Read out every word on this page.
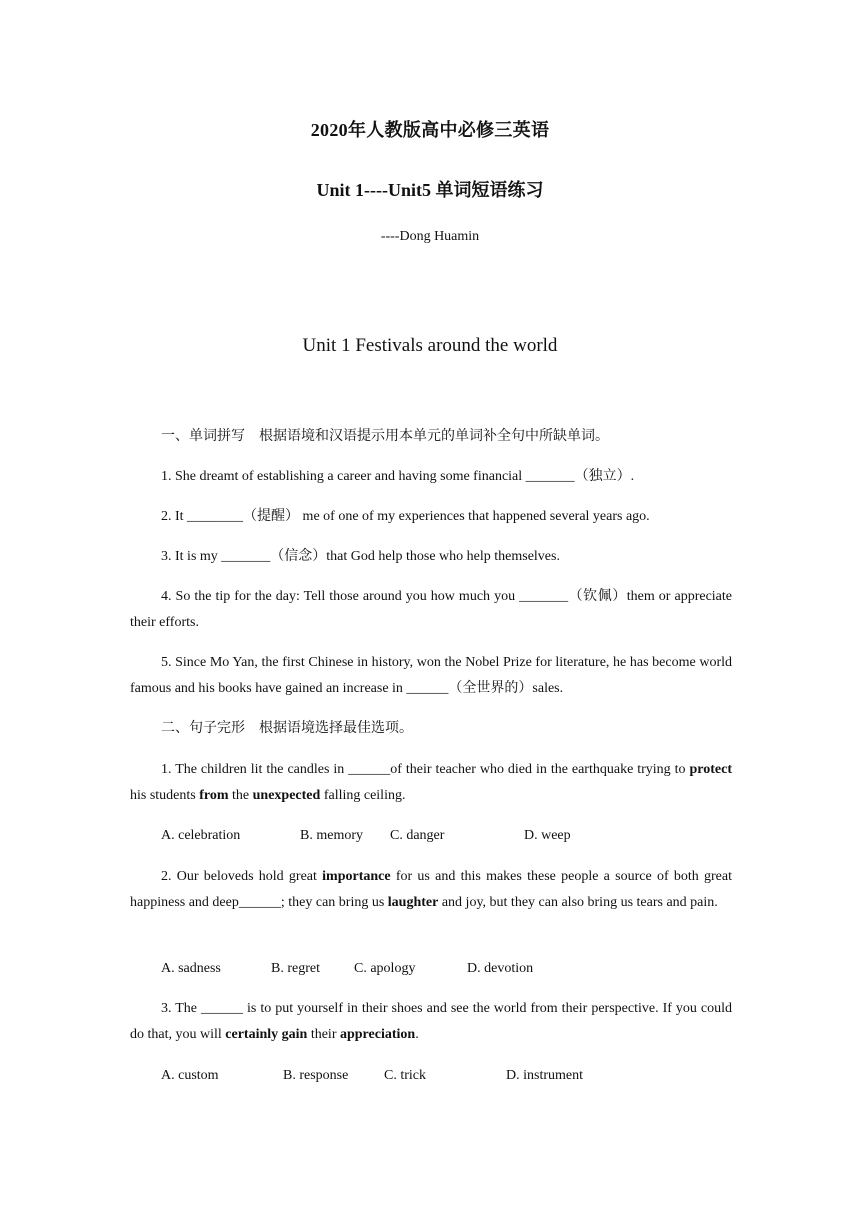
2020年人教版高中必修三英语
Unit 1----Unit5 单词短语练习
----Dong Huamin
Unit 1 Festivals around the world
一、单词拼写　根据语境和汉语提示用本单元的单词补全句中所缺单词。
1. She dreamt of establishing a career and having some financial _______（独立）.
2. It ________（提醒） me of one of my experiences that happened several years ago.
3. It is my _______（信念）that God help those who help themselves.
4. So the tip for the day: Tell those around you how much you _______（钦佩）them or appreciate their efforts.
5. Since Mo Yan, the first Chinese in history, won the Nobel Prize for literature, he has become world famous and his books have gained an increase in ______（全世界的）sales.
二、句子完形　根据语境选择最佳选项。
1. The children lit the candles in ______of their teacher who died in the earthquake trying to protect his students from the unexpected falling ceiling.
A. celebration	B. memory C. danger	D. weep
2. Our beloveds hold great importance for us and this makes these people a source of both great happiness and deep______; they can bring us laughter and joy, but they can also bring us tears and pain.
A. sadness	B. regret C. apology	D. devotion
3. The ______ is to put yourself in their shoes and see the world from their perspective. If you could do that, you will certainly gain their appreciation.
A. custom	B. response	C. trick	D. instrument
